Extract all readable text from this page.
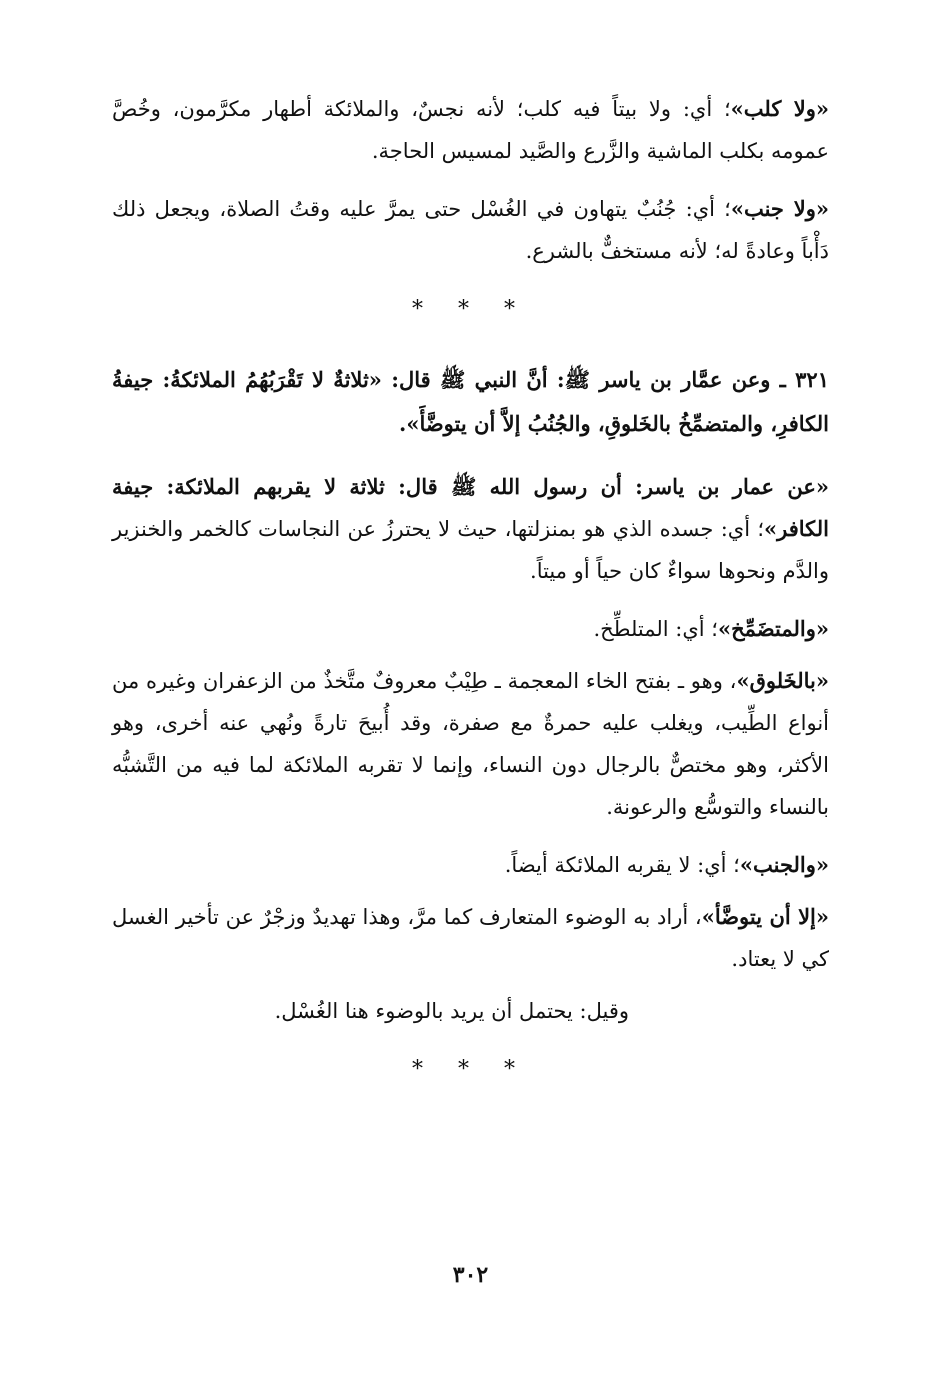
«ولا كلب»؛ أي: ولا بيتاً فيه كلب؛ لأنه نجسٌ، والملائكة أطهار مكرَّمون، وخُصَّ عمومه بكلب الماشية والزَّرع والصَّيد لمسيس الحاجة.

«ولا جنب»؛ أي: جُنُبٌ يتهاون في الغُسْل حتى يمرَّ عليه وقتُ الصلاة، ويجعل ذلك دَأْباً وعادةً له؛ لأنه مستخفٌّ بالشرع.

* * *

٣٢١ ـ وعن عمَّار بن ياسر ﷺ: أنَّ النبي ﷺ قال: «ثلاثةٌ لا تَقْرَبُهُمُ الملائكةُ: جيفةُ الكافرِ، والمتضمِّخُ بالخَلوقِ، والجُنُبُ إلاَّ أن يتوضَّأَ».

«عن عمار بن ياسر: أن رسول الله ﷺ قال: ثلاثة لا يقربهم الملائكة: جيفة الكافر»؛ أي: جسده الذي هو بمنزلتها، حيث لا يحترزُ عن النجاسات كالخمر والخنزير والدَّم ونحوها سواءٌ كان حياً أو ميتاً.

«والمتضَمِّخ»؛ أي: المتلطِّخ.

«بالخَلوق»، وهو ـ بفتح الخاء المعجمة ـ طِيْبٌ معروفٌ متَّخذٌ من الزعفران وغيره من أنواع الطِّيب، ويغلب عليه حمرةٌ مع صفرة، وقد أُبيحَ تارةً ونُهي عنه أخرى، وهو الأكثر، وهو مختصٌّ بالرجال دون النساء، وإنما لا تقربه الملائكة لما فيه من التَّشبُّه بالنساء والتوسُّع والرعونة.

«والجنب»؛ أي: لا يقربه الملائكة أيضاً.

«إلا أن يتوضَّأ»، أراد به الوضوء المتعارف كما مرَّ، وهذا تهديدٌ وزجْرٌ عن تأخير الغسل كي لا يعتاد.

وقيل: يحتمل أن يريد بالوضوء هنا الغُسْل.

* * *
٣٠٢
